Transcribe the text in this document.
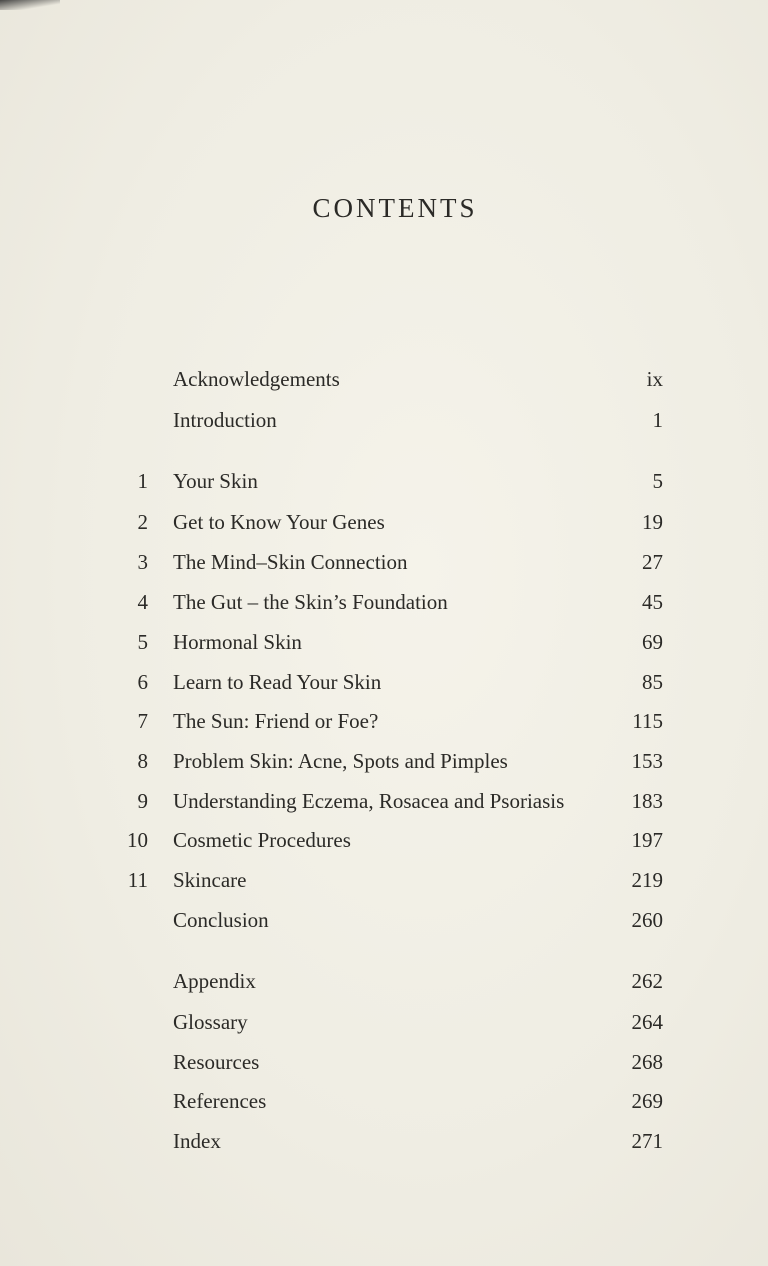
CONTENTS
Acknowledgements	ix
Introduction	1
1 Your Skin	5
2 Get to Know Your Genes	19
3 The Mind–Skin Connection	27
4 The Gut – the Skin’s Foundation	45
5 Hormonal Skin	69
6 Learn to Read Your Skin	85
7 The Sun: Friend or Foe?	115
8 Problem Skin: Acne, Spots and Pimples	153
9 Understanding Eczema, Rosacea and Psoriasis	183
10 Cosmetic Procedures	197
11 Skincare	219
Conclusion	260
Appendix	262
Glossary	264
Resources	268
References	269
Index	271
